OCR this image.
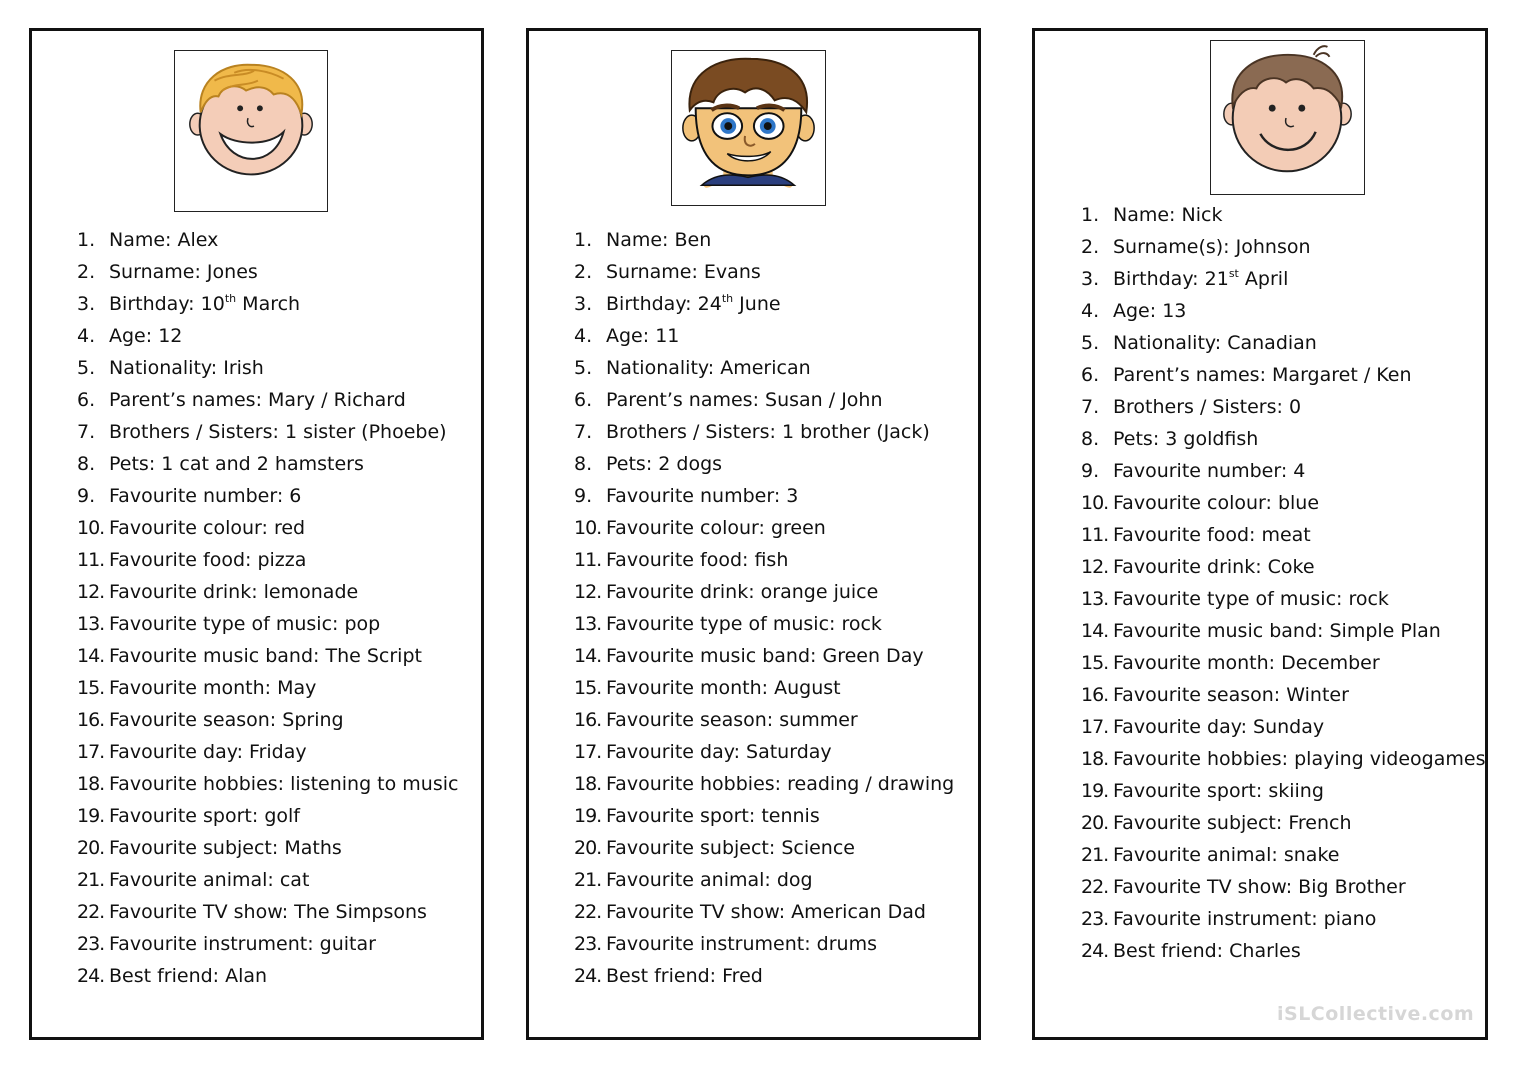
1. Name: Alex
2. Surname: Jones
3. Birthday: 10th March
4. Age: 12
5. Nationality: Irish
6. Parent’s names: Mary / Richard
7. Brothers / Sisters: 1 sister (Phoebe)
8. Pets: 1 cat and 2 hamsters
9. Favourite number: 6
10. Favourite colour: red
11. Favourite food: pizza
12. Favourite drink: lemonade
13. Favourite type of music: pop
14. Favourite music band: The Script
15. Favourite month: May
16. Favourite season: Spring
17. Favourite day: Friday
18. Favourite hobbies: listening to music
19. Favourite sport: golf
20. Favourite subject: Maths
21. Favourite animal: cat
22. Favourite TV show: The Simpsons
23. Favourite instrument: guitar
24. Best friend: Alan
1. Name: Ben
2. Surname: Evans
3. Birthday: 24th June
4. Age: 11
5. Nationality: American
6. Parent’s names: Susan / John
7. Brothers / Sisters: 1 brother (Jack)
8. Pets: 2 dogs
9. Favourite number: 3
10. Favourite colour: green
11. Favourite food: fish
12. Favourite drink: orange juice
13. Favourite type of music: rock
14. Favourite music band: Green Day
15. Favourite month: August
16. Favourite season: summer
17. Favourite day: Saturday
18. Favourite hobbies: reading / drawing
19. Favourite sport: tennis
20. Favourite subject: Science
21. Favourite animal: dog
22. Favourite TV show: American Dad
23. Favourite instrument: drums
24. Best friend: Fred
1. Name: Nick
2. Surname(s): Johnson
3. Birthday: 21st April
4. Age: 13
5. Nationality: Canadian
6. Parent’s names: Margaret / Ken
7. Brothers / Sisters: 0
8. Pets: 3 goldfish
9. Favourite number: 4
10. Favourite colour: blue
11. Favourite food: meat
12. Favourite drink: Coke
13. Favourite type of music: rock
14. Favourite music band: Simple Plan
15. Favourite month: December
16. Favourite season: Winter
17. Favourite day: Sunday
18. Favourite hobbies: playing videogames
19. Favourite sport: skiing
20. Favourite subject: French
21. Favourite animal: snake
22. Favourite TV show: Big Brother
23. Favourite instrument: piano
24. Best friend: Charles
iSLCollective.com
